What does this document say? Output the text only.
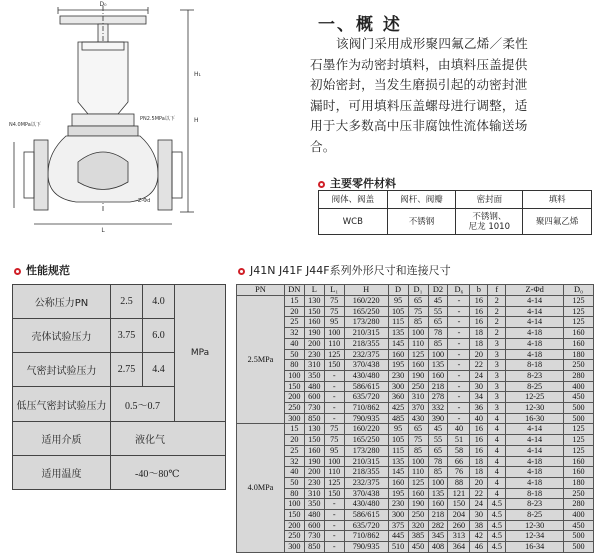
D₀
H₁
H
L
N4.0MPa以下
PN2.5MPa以下
Z-Φd
一、概 述
该阀门采用成形聚四氟乙烯／柔性
石墨作为动密封填料，由填料压盖提供
初始密封，当发生磨损引起的动密封泄
漏时，可用填料压盖螺母进行调整，适
用于大多数高中压非腐蚀性流体输送场
合。
主要零件材料
阀体、阀盖	阀杆、阀瓣	密封面	填料
WCB	不锈钢	不锈钢、
尼龙 1010	聚四氟乙烯
性能规范
公称压力PN	2.5	4.0	MPa
壳体试验压力	3.75	6.0	
气密封试验压力	2.75	4.4	
低压气密封试验压力	0.5～0.7		
适用介质	液化气		
适用温度	-40～80℃		
J41N J41F J44F系列外形尺寸和连接尺寸
PN	DN	L	L₁	H	D	D₁	D2	D₆	b	f	Z-Φd	D₀
2.5MPa	15	130	75	160/220	95	65	45	-	16	2	4-14	125
	20	150	75	165/250	105	75	55	-	16	2	4-14	125
	25	160	95	173/280	115	85	65	-	16	2	4-14	125
	32	190	100	210/315	135	100	78	-	18	2	4-18	160
	40	200	110	218/355	145	110	85	-	18	3	4-18	160
	50	230	125	232/375	160	125	100	-	20	3	4-18	180
	80	310	150	370/438	195	160	135	-	22	3	8-18	250
	100	350	-	430/480	230	190	160	-	24	3	8-23	280
	150	480	-	586/615	300	250	218	-	30	3	8-25	400
	200	600	-	635/720	360	310	278	-	34	3	12-25	450
	250	730	-	710/862	425	370	332	-	36	3	12-30	500
	300	850	-	790/935	485	430	390	-	40	4	16-30	500
4.0MPa	15	130	75	160/220	95	65	45	40	16	4	4-14	125
	20	150	75	165/250	105	75	55	51	16	4	4-14	125
	25	160	95	173/280	115	85	65	58	16	4	4-14	125
	32	190	100	210/315	135	100	78	66	18	4	4-18	160
	40	200	110	218/355	145	110	85	76	18	4	4-18	160
	50	230	125	232/375	160	125	100	88	20	4	4-18	180
	80	310	150	370/438	195	160	135	121	22	4	8-18	250
	100	350	-	430/480	230	190	160	150	24	4.5	8-23	280
	150	480	-	586/615	300	250	218	204	30	4.5	8-25	400
	200	600	-	635/720	375	320	282	260	38	4.5	12-30	450
	250	730	-	710/862	445	385	345	313	42	4.5	12-34	500
	300	850	-	790/935	510	450	408	364	46	4.5	16-34	500
